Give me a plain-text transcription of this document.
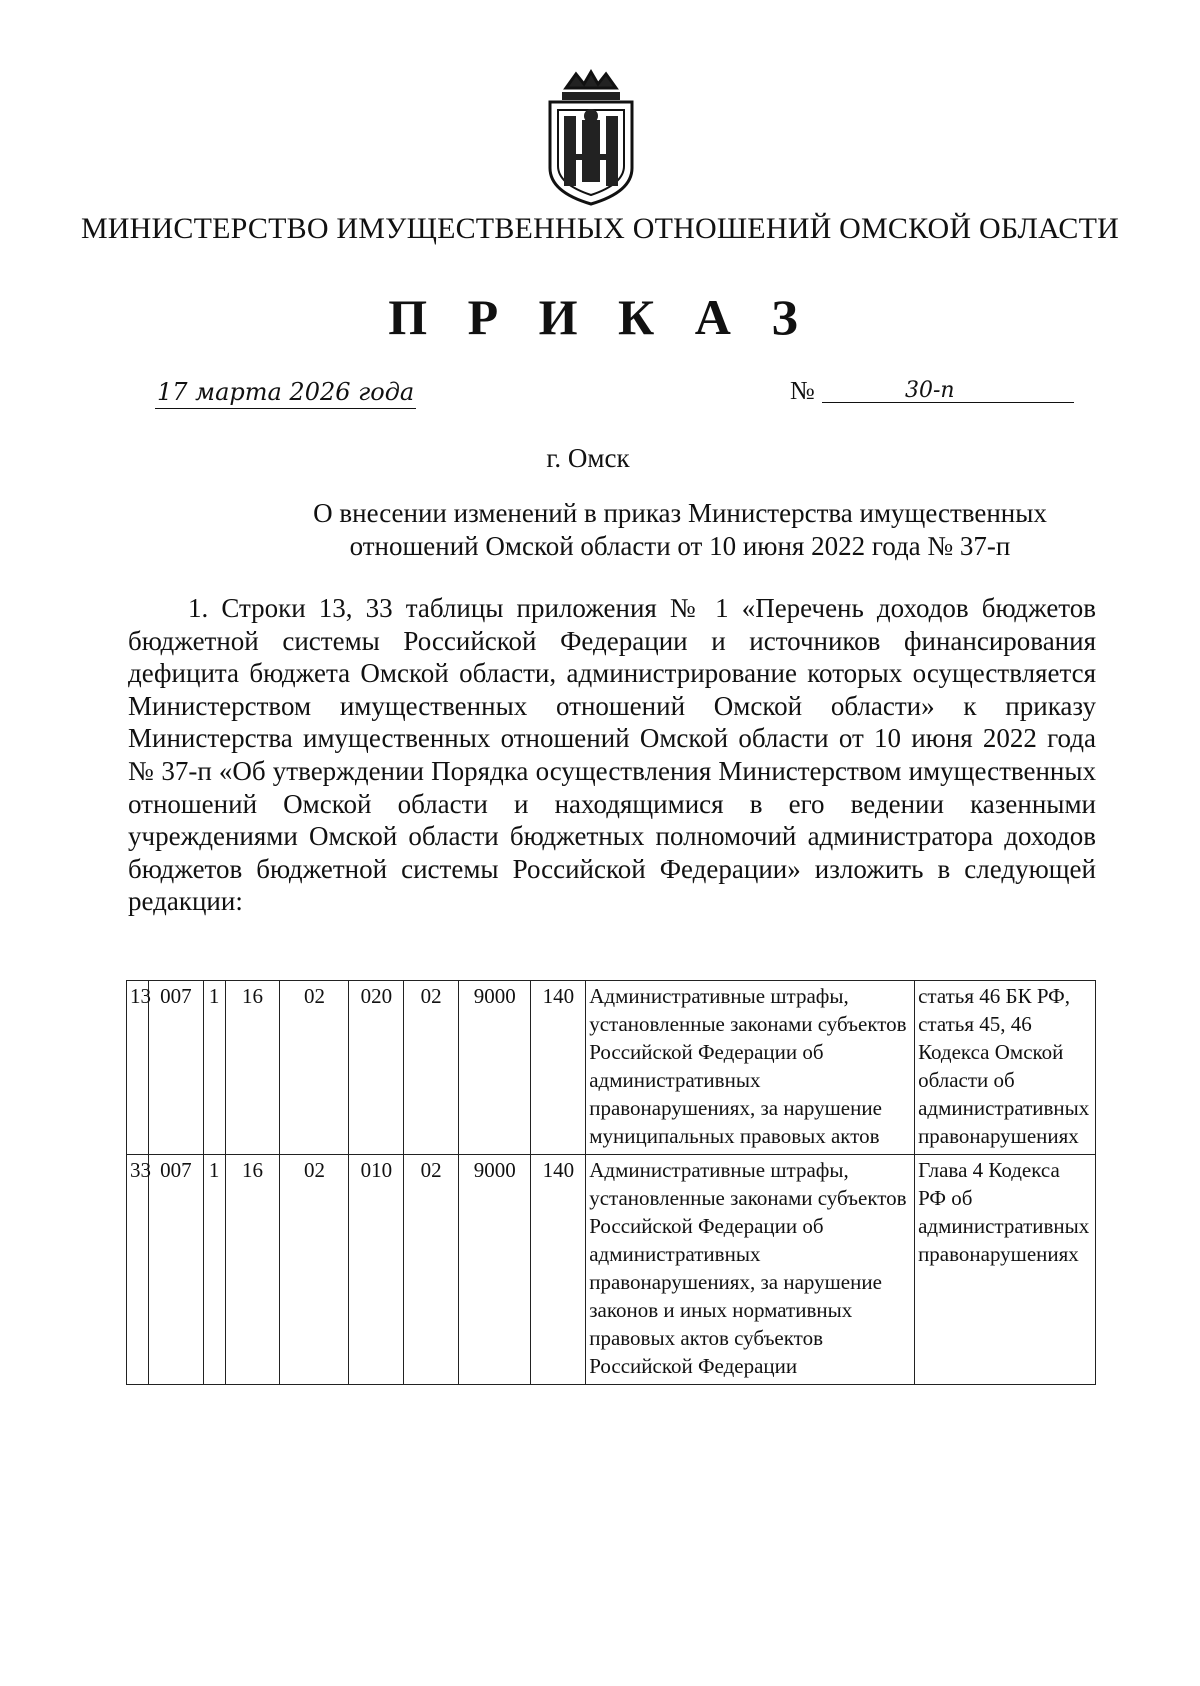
МИНИСТЕРСТВО ИМУЩЕСТВЕННЫХ ОТНОШЕНИЙ ОМСКОЙ ОБЛАСТИ
П Р И К А З
17 марта 2026 года	№	30-п
г. Омск
О внесении изменений в приказ Министерства имущественных
отношений Омской области от 10 июня 2022 года № 37-п
1. Строки 13, 33 таблицы приложения № 1 «Перечень доходов бюджетов бюджетной системы Российской Федерации и источников финансирования дефицита бюджета Омской области, администрирование которых осуществляется Министерством имущественных отношений Омской области» к приказу Министерства имущественных отношений Омской области от 10 июня 2022 года № 37-п «Об утверждении Порядка осуществления Министерством имущественных отношений Омской области и находящимися в его ведении казенными учреждениями Омской области бюджетных полномочий администратора доходов бюджетов бюджетной системы Российской Федерации» изложить в следующей редакции:
13	007	1	16	02	020	02	9000	140	Административные штрафы, установленные законами субъектов Российской Федерации об административных правонарушениях, за нарушение муниципальных правовых актов	статья 46 БК РФ, статья 45, 46 Кодекса Омской области об административных правонарушениях
33	007	1	16	02	010	02	9000	140	Административные штрафы, установленные законами субъектов Российской Федерации об административных правонарушениях, за нарушение законов и иных нормативных правовых актов субъектов Российской Федерации	Глава 4 Кодекса РФ об административных правонарушениях
